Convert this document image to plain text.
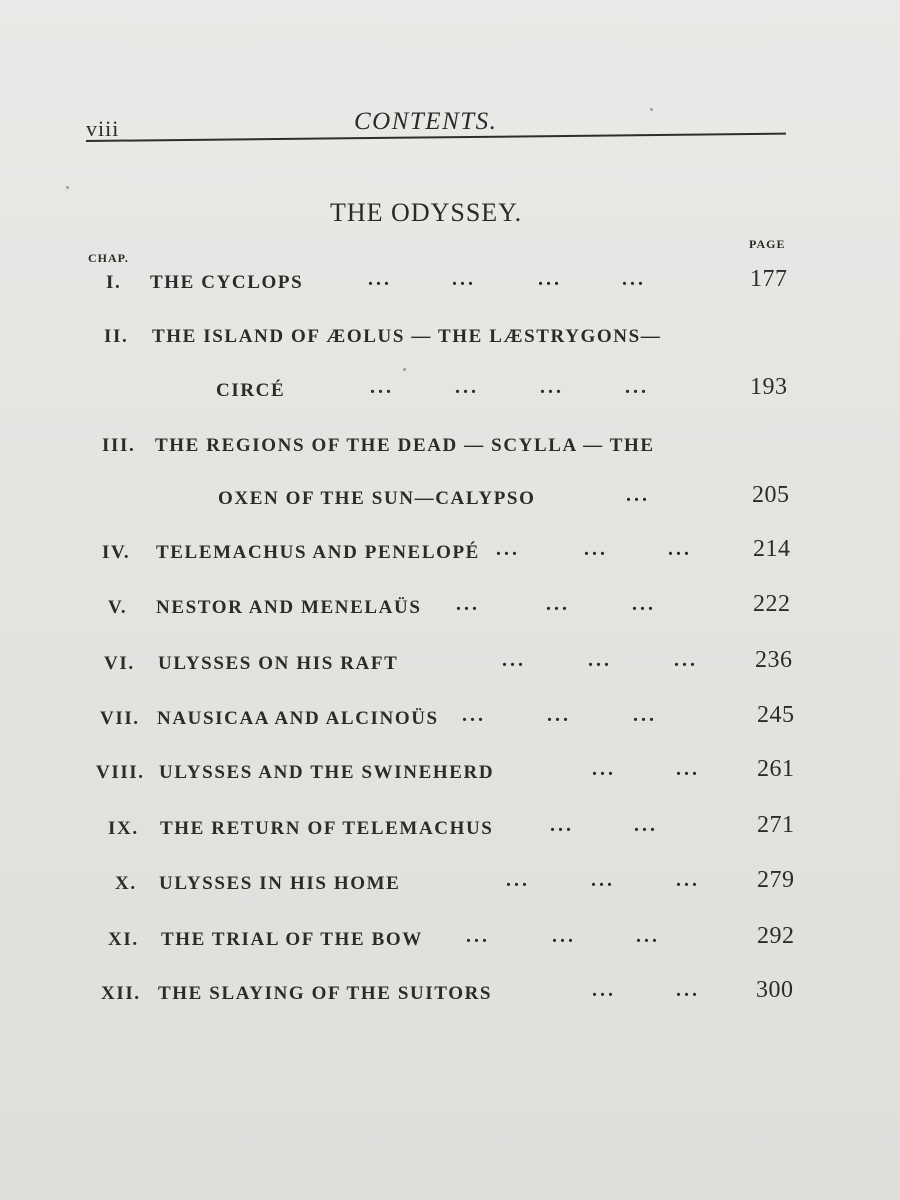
viii	CONTENTS.
THE ODYSSEY.
CHAP.
PAGE
I. THE CYCLOPS	...	...	...	...	177
II. THE ISLAND OF ÆOLUS — THE LÆSTRYGONS—
CIRCÉ	...	...	...	...	193
III. THE REGIONS OF THE DEAD — SCYLLA — THE
OXEN OF THE SUN—CALYPSO	...	205
IV. TELEMACHUS AND PENELOPÉ ...	...	...	214
V. NESTOR AND MENELAÜS ...	...	...	222
VI. ULYSSES ON HIS RAFT	...	...	... 236
VII. NAUSICAA AND ALCINOÜS ...	...	...	245
VIII. ULYSSES AND THE SWINEHERD	...	... 261
IX. THE RETURN OF TELEMACHUS	...	...	271
X. ULYSSES IN HIS HOME	...	...	... 279
XI. THE TRIAL OF THE BOW ...	...	...	292
XII. THE SLAYING OF THE SUITORS	...	... 300
